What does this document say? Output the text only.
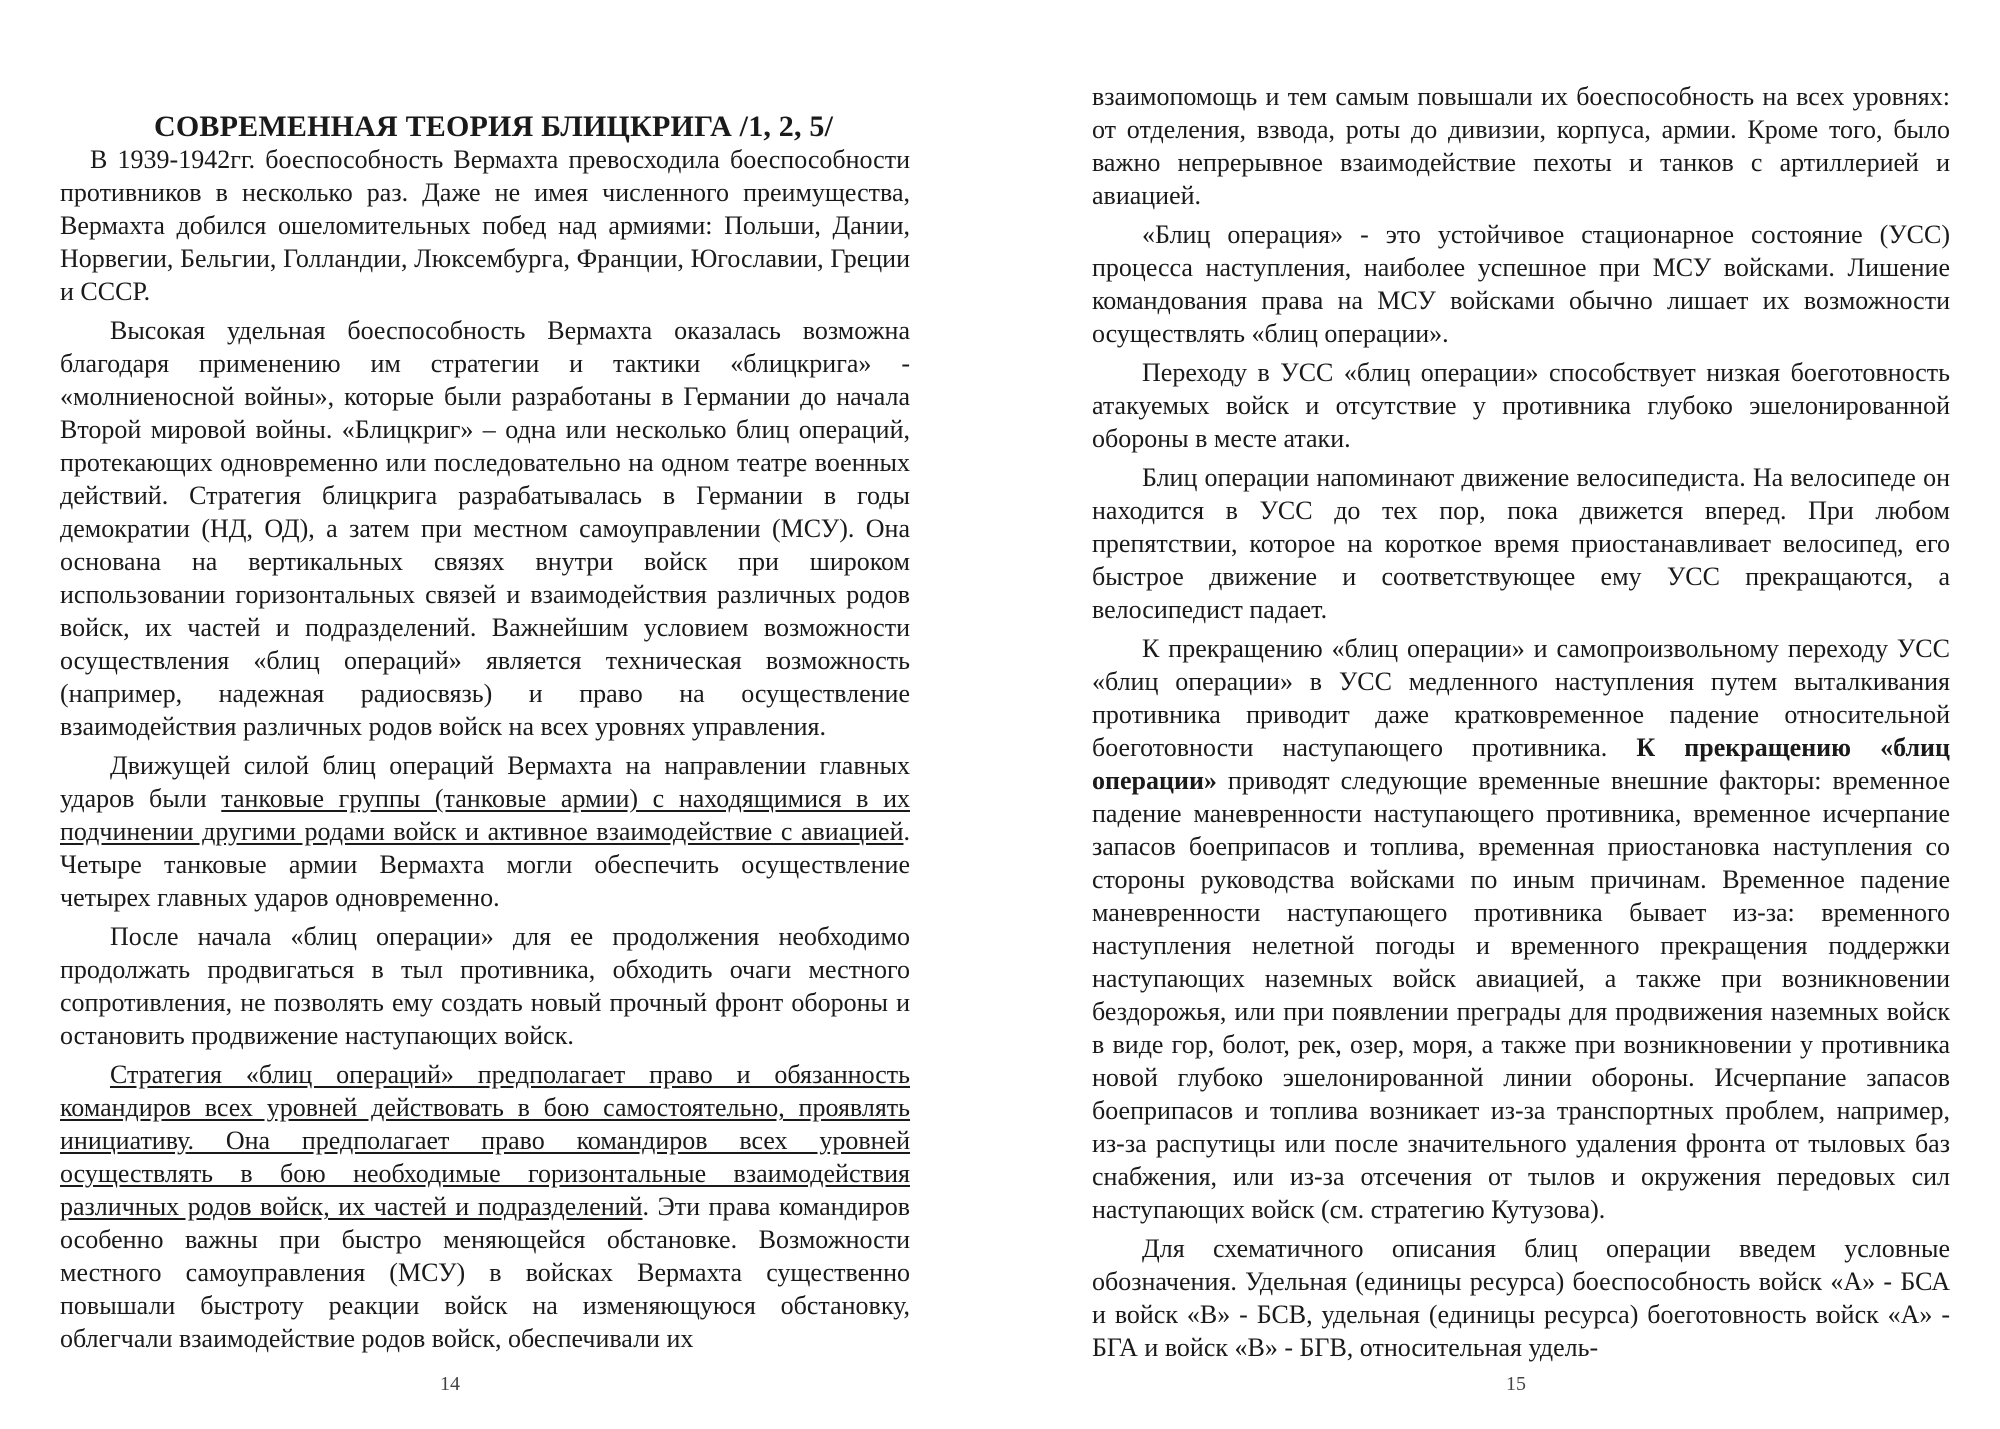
СОВРЕМЕННАЯ ТЕОРИЯ БЛИЦКРИГА /1, 2, 5/

В 1939-1942гг. боеспособность Вермахта превосходила боеспособности противников в несколько раз. Даже не имея численного преимущества, Вермахта добился ошеломительных побед над армиями: Польши, Дании, Норвегии, Бельгии, Голландии, Люксембурга, Франции, Югославии, Греции и СССР.

Высокая удельная боеспособность Вермахта оказалась возможна благодаря применению им стратегии и тактики «блицкрига» - «молниеносной войны», которые были разработаны в Германии до начала Второй мировой войны. «Блицкриг» – одна или несколько блиц операций, протекающих одновременно или последовательно на одном театре военных действий. Стратегия блицкрига разрабатывалась в Германии в годы демократии (НД, ОД), а затем при местном самоуправлении (МСУ). Она основана на вертикальных связях внутри войск при широком использовании горизонтальных связей и взаимодействия различных родов войск, их частей и подразделений. Важнейшим условием возможности осуществления «блиц операций» является техническая возможность (например, надежная радиосвязь) и право на осуществление взаимодействия различных родов войск на всех уровнях управления.

Движущей силой блиц операций Вермахта на направлении главных ударов были танковые группы (танковые армии) с находящимися в их подчинении другими родами войск и активное взаимодействие с авиацией. Четыре танковые армии Вермахта могли обеспечить осуществление четырех главных ударов одновременно.

После начала «блиц операции» для ее продолжения необходимо продолжать продвигаться в тыл противника, обходить очаги местного сопротивления, не позволять ему создать новый прочный фронт обороны и остановить продвижение наступающих войск.

Стратегия «блиц операций» предполагает право и обязанность командиров всех уровней действовать в бою самостоятельно, проявлять инициативу. Она предполагает право командиров всех уровней осуществлять в бою необходимые горизонтальные взаимодействия различных родов войск, их частей и подразделений. Эти права командиров особенно важны при быстро меняющейся обстановке. Возможности местного самоуправления (МСУ) в войсках Вермахта существенно повышали быстроту реакции войск на изменяющуюся обстановку, облегчали взаимодействие родов войск, обеспечивали их

14

взаимопомощь и тем самым повышали их боеспособность на всех уровнях: от отделения, взвода, роты до дивизии, корпуса, армии. Кроме того, было важно непрерывное взаимодействие пехоты и танков с артиллерией и авиацией.

«Блиц операция» - это устойчивое стационарное состояние (УСС) процесса наступления, наиболее успешное при МСУ войсками. Лишение командования права на МСУ войсками обычно лишает их возможности осуществлять «блиц операции».

Переходу в УСС «блиц операции» способствует низкая боеготовность атакуемых войск и отсутствие у противника глубоко эшелонированной обороны в месте атаки.

Блиц операции напоминают движение велосипедиста. На велосипеде он находится в УСС до тех пор, пока движется вперед. При любом препятствии, которое на короткое время приостанавливает велосипед, его быстрое движение и соответствующее ему УСС прекращаются, а велосипедист падает.

К прекращению «блиц операции» и самопроизвольному переходу УСС «блиц операции» в УСС медленного наступления путем выталкивания противника приводит даже кратковременное падение относительной боеготовности наступающего противника. К прекращению «блиц операции» приводят следующие временные внешние факторы: временное падение маневренности наступающего противника, временное исчерпание запасов боеприпасов и топлива, временная приостановка наступления со стороны руководства войсками по иным причинам. Временное падение маневренности наступающего противника бывает из-за: временного наступления нелетной погоды и временного прекращения поддержки наступающих наземных войск авиацией, а также при возникновении бездорожья, или при появлении преграды для продвижения наземных войск в виде гор, болот, рек, озер, моря, а также при возникновении у противника новой глубоко эшелонированной линии обороны. Исчерпание запасов боеприпасов и топлива возникает из-за транспортных проблем, например, из-за распутицы или после значительного удаления фронта от тыловых баз снабжения, или из-за отсечения от тылов и окружения передовых сил наступающих войск (см. стратегию Кутузова).

Для схематичного описания блиц операции введем условные обозначения. Удельная (единицы ресурса) боеспособность войск «А» - БСА и войск «В» - БСВ, удельная (единицы ресурса) боеготовность войск «А» - БГА и войск «В» - БГВ, относительная удель-

15
